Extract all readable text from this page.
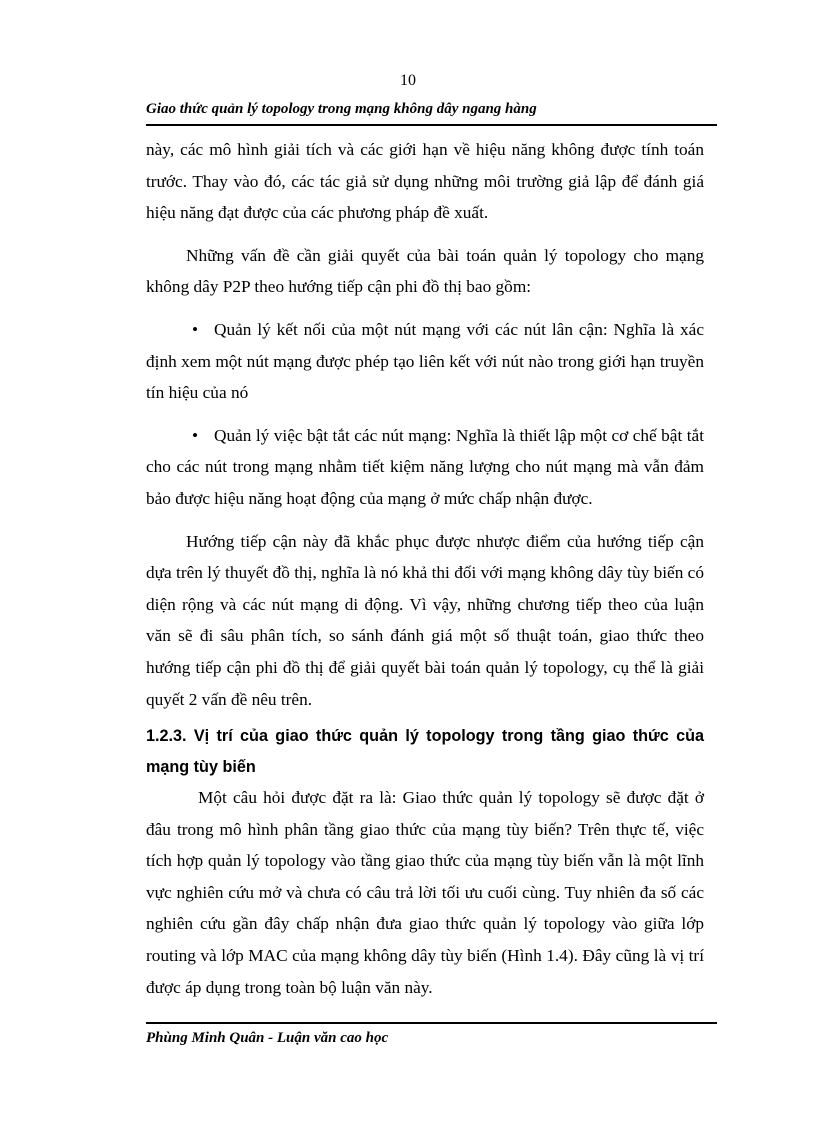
10
Giao thức quản lý topology trong mạng không dây ngang hàng

này, các mô hình giải tích và các giới hạn về hiệu năng không được tính toán trước. Thay vào đó, các tác giả sử dụng những môi trường giả lập để đánh giá hiệu năng đạt được của các phương pháp đề xuất.

Những vấn đề cần giải quyết của bài toán quản lý topology cho mạng không dây P2P theo hướng tiếp cận phi đồ thị bao gồm:

• Quản lý kết nối của một nút mạng với các nút lân cận: Nghĩa là xác định xem một nút mạng được phép tạo liên kết với nút nào trong giới hạn truyền tín hiệu của nó
• Quản lý việc bật tắt các nút mạng: Nghĩa là thiết lập một cơ chế bật tắt cho các nút trong mạng nhằm tiết kiệm năng lượng cho nút mạng mà vẫn đảm bảo được hiệu năng hoạt động của mạng ở mức chấp nhận được.

Hướng tiếp cận này đã khắc phục được nhược điểm của hướng tiếp cận dựa trên lý thuyết đồ thị, nghĩa là nó khả thi đối với mạng không dây tùy biến có diện rộng và các nút mạng di động. Vì vậy, những chương tiếp theo của luận văn sẽ đi sâu phân tích, so sánh đánh giá một số thuật toán, giao thức theo hướng tiếp cận phi đồ thị để giải quyết bài toán quản lý topology, cụ thể là giải quyết 2 vấn đề nêu trên.

1.2.3. Vị trí của giao thức quản lý topology trong tầng giao thức của mạng tùy biến

Một câu hỏi được đặt ra là: Giao thức quản lý topology sẽ được đặt ở đâu trong mô hình phân tầng giao thức của mạng tùy biến? Trên thực tế, việc tích hợp quản lý topology vào tầng giao thức của mạng tùy biến vẫn là một lĩnh vực nghiên cứu mở và chưa có câu trả lời tối ưu cuối cùng. Tuy nhiên đa số các nghiên cứu gần đây chấp nhận đưa giao thức quản lý topology vào giữa lớp routing và lớp MAC của mạng không dây tùy biến (Hình 1.4). Đây cũng là vị trí được áp dụng trong toàn bộ luận văn này.

Phùng Minh Quân - Luận văn cao học
